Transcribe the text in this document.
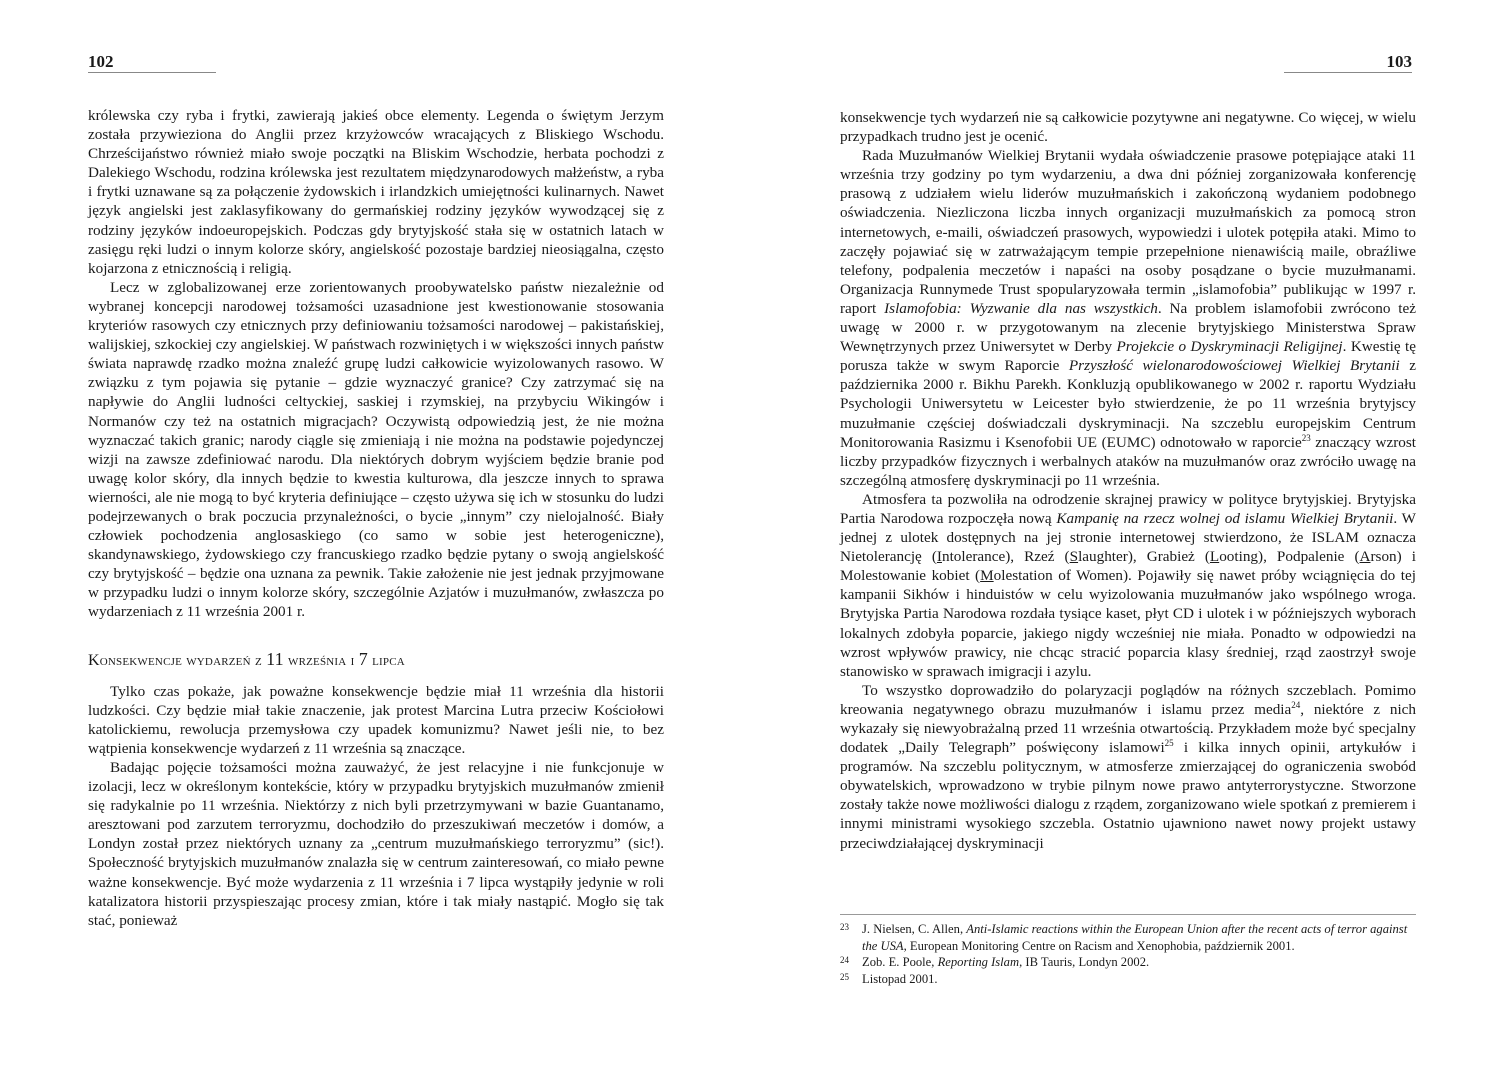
102

królewska czy ryba i frytki, zawierają jakieś obce elementy. Legenda o świętym Jerzym została przywieziona do Anglii przez krzyżowców wracających z Bliskiego Wschodu. Chrześcijaństwo również miało swoje początki na Bliskim Wschodzie, herbata pochodzi z Dalekiego Wschodu, rodzina królewska jest rezultatem międzynarodowych małżeństw, a ryba i frytki uznawane są za połączenie żydowskich i irlandzkich umiejętności kulinarnych. Nawet język angielski jest zaklasyfikowany do germańskiej rodziny języków wywodzącej się z rodziny języków indoeuropejskich. Podczas gdy brytyjskość stała się w ostatnich latach w zasięgu ręki ludzi o innym kolorze skóry, angielskość pozostaje bardziej nieosiągalna, często kojarzona z etnicznością i religią.

Lecz w zglobalizowanej erze zorientowanych proobywatelsko państw niezależnie od wybranej koncepcji narodowej tożsamości uzasadnione jest kwestionowanie stosowania kryteriów rasowych czy etnicznych przy definiowaniu tożsamości narodowej – pakistańskiej, walijskiej, szkockiej czy angielskiej. W państwach rozwiniętych i w większości innych państw świata naprawdę rzadko można znaleźć grupę ludzi całkowicie wyizolowanych rasowo. W związku z tym pojawia się pytanie – gdzie wyznaczyć granice? Czy zatrzymać się na napływie do Anglii ludności celtyckiej, saskiej i rzymskiej, na przybyciu Wikingów i Normanów czy też na ostatnich migracjach? Oczywistą odpowiedzią jest, że nie można wyznaczać takich granic; narody ciągle się zmieniają i nie można na podstawie pojedynczej wizji na zawsze zdefiniować narodu. Dla niektórych dobrym wyjściem będzie branie pod uwagę kolor skóry, dla innych będzie to kwestia kulturowa, dla jeszcze innych to sprawa wierności, ale nie mogą to być kryteria definiujące – często używa się ich w stosunku do ludzi podejrzewanych o brak poczucia przynależności, o bycie „innym” czy nielojalność. Biały człowiek pochodzenia anglosaskiego (co samo w sobie jest heterogeniczne), skandynawskiego, żydowskiego czy francuskiego rzadko będzie pytany o swoją angielskość czy brytyjskość – będzie ona uznana za pewnik. Takie założenie nie jest jednak przyjmowane w przypadku ludzi o innym kolorze skóry, szczególnie Azjatów i muzułmanów, zwłaszcza po wydarzeniach z 11 września 2001 r.

Konsekwencje wydarzeń z 11 września i 7 lipca

Tylko czas pokaże, jak poważne konsekwencje będzie miał 11 września dla historii ludzkości. Czy będzie miał takie znaczenie, jak protest Marcina Lutra przeciw Kościołowi katolickiemu, rewolucja przemysłowa czy upadek komunizmu? Nawet jeśli nie, to bez wątpienia konsekwencje wydarzeń z 11 września są znaczące.

Badając pojęcie tożsamości można zauważyć, że jest relacyjne i nie funkcjonuje w izolacji, lecz w określonym kontekście, który w przypadku brytyjskich muzułmanów zmienił się radykalnie po 11 września. Niektórzy z nich byli przetrzymywani w bazie Guantanamo, aresztowani pod zarzutem terroryzmu, dochodziło do przeszukiwań meczetów i domów, a Londyn został przez niektórych uznany za „centrum muzułmańskiego terroryzmu” (sic!). Społeczność brytyjskich muzułmanów znalazła się w centrum zainteresowań, co miało pewne ważne konsekwencje. Być może wydarzenia z 11 września i 7 lipca wystąpiły jedynie w roli katalizatora historii przyspieszając procesy zmian, które i tak miały nastąpić. Mogło się tak stać, ponieważ

103

konsekwencje tych wydarzeń nie są całkowicie pozytywne ani negatywne. Co więcej, w wielu przypadkach trudno jest je ocenić.

Rada Muzułmanów Wielkiej Brytanii wydała oświadczenie prasowe potępiające ataki 11 września trzy godziny po tym wydarzeniu, a dwa dni później zorganizowała konferencję prasową z udziałem wielu liderów muzułmańskich i zakończoną wydaniem podobnego oświadczenia. Niezliczona liczba innych organizacji muzułmańskich za pomocą stron internetowych, e-maili, oświadczeń prasowych, wypowiedzi i ulotek potępiła ataki. Mimo to zaczęły pojawiać się w zatrważającym tempie przepełnione nienawiścią maile, obraźliwe telefony, podpalenia meczetów i napaści na osoby posądzane o bycie muzułmanami. Organizacja Runnymede Trust spopularyzowała termin „islamofobia” publikując w 1997 r. raport Islamofobia: Wyzwanie dla nas wszystkich. Na problem islamofobii zwrócono też uwagę w 2000 r. w przygotowanym na zlecenie brytyjskiego Ministerstwa Spraw Wewnętrzynych przez Uniwersytet w Derby Projekcie o Dyskryminacji Religijnej. Kwestię tę porusza także w swym Raporcie Przyszłość wielonarodowościowej Wielkiej Brytanii z października 2000 r. Bikhu Parekh. Konkluzją opublikowanego w 2002 r. raportu Wydziału Psychologii Uniwersytetu w Leicester było stwierdzenie, że po 11 września brytyjscy muzułmanie częściej doświadczali dyskryminacji. Na szczeblu europejskim Centrum Monitorowania Rasizmu i Ksenofobii UE (EUMC) odnotowało w raporcie$^{23}$ znaczący wzrost liczby przypadków fizycznych i werbalnych ataków na muzułmanów oraz zwróciło uwagę na szczególną atmosferę dyskryminacji po 11 września.

Atmosfera ta pozwoliła na odrodzenie skrajnej prawicy w polityce brytyjskiej. Brytyjska Partia Narodowa rozpoczęła nową Kampanię na rzecz wolnej od islamu Wielkiej Brytanii. W jednej z ulotek dostępnych na jej stronie internetowej stwierdzono, że ISLAM oznacza Nietolerancję (Intolerance), Rzeź (Slaughter), Grabież (Looting), Podpalenie (Arson) i Molestowanie kobiet (Molestation of Women). Pojawiły się nawet próby wciągnięcia do tej kampanii Sikhów i hinduistów w celu wyizolowania muzułmanów jako wspólnego wroga. Brytyjska Partia Narodowa rozdała tysiące kaset, płyt CD i ulotek i w późniejszych wyborach lokalnych zdobyła poparcie, jakiego nigdy wcześniej nie miała. Ponadto w odpowiedzi na wzrost wpływów prawicy, nie chcąc stracić poparcia klasy średniej, rząd zaostrzył swoje stanowisko w sprawach imigracji i azylu.

To wszystko doprowadziło do polaryzacji poglądów na różnych szczeblach. Pomimo kreowania negatywnego obrazu muzułmanów i islamu przez media$^{24}$, niektóre z nich wykazały się niewyobrażalną przed 11 września otwartością. Przykładem może być specjalny dodatek „Daily Telegraph” poświęcony islamowi$^{25}$ i kilka innych opinii, artykułów i programów. Na szczeblu politycznym, w atmosferze zmierzającej do ograniczenia swobód obywatelskich, wprowadzono w trybie pilnym nowe prawo antyterrorystyczne. Stworzone zostały także nowe możliwości dialogu z rządem, zorganizowano wiele spotkań z premierem i innymi ministrami wysokiego szczebla. Ostatnio ujawniono nawet nowy projekt ustawy przeciwdziałającej dyskryminacji

23 J. Nielsen, C. Allen, Anti-Islamic reactions within the European Union after the recent acts of terror against the USA, European Monitoring Centre on Racism and Xenophobia, październik 2001.
24 Zob. E. Poole, Reporting Islam, IB Tauris, Londyn 2002.
25 Listopad 2001.
